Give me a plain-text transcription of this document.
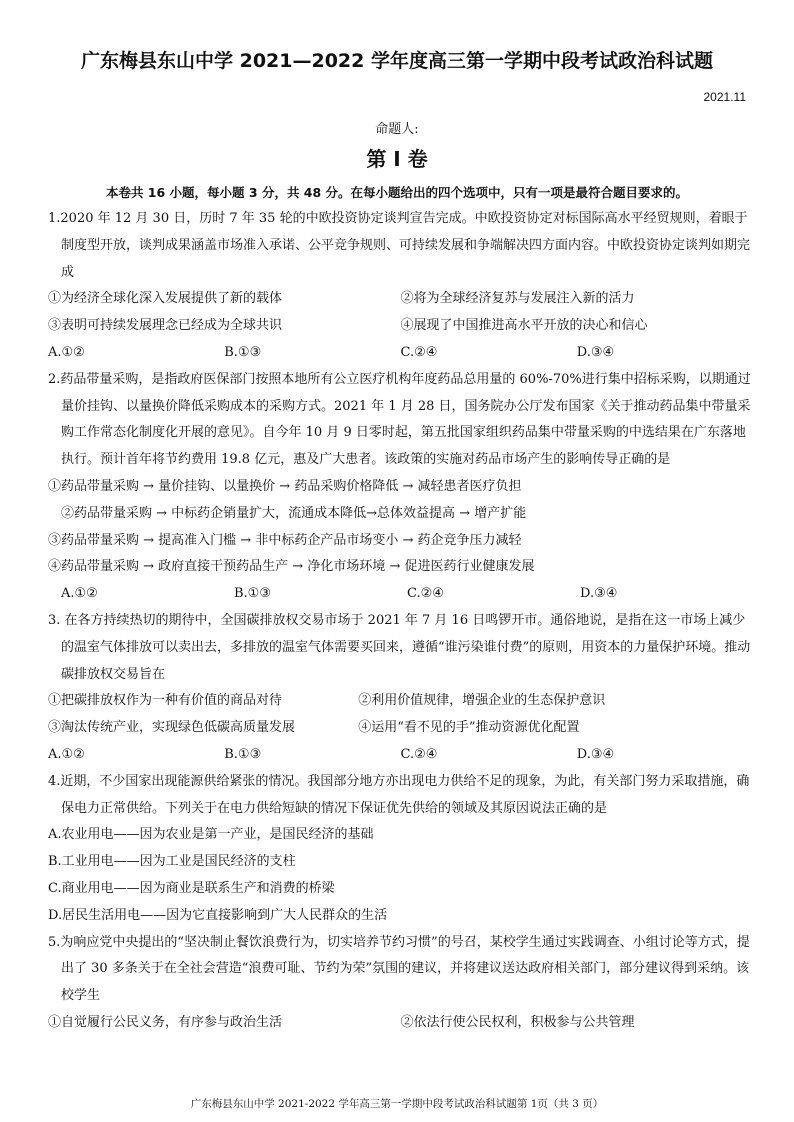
广东梅县东山中学 2021—2022 学年度高三第一学期中段考试政治科试题
2021.11
命题人:
第 I 卷
本卷共 16 小题，每小题 3 分，共 48 分。在每小题给出的四个选项中，只有一项是最符合题目要求的。

1.2020 年 12 月 30 日，历时 7 年 35 轮的中欧投资协定谈判宣告完成。中欧投资协定对标国际高水平经贸规则，着眼于制度型开放，谈判成果涵盖市场准入承诺、公平竞争规则、可持续发展和争端解决四方面内容。中欧投资协定谈判如期完成

①为经济全球化深入发展提供了新的载体	②将为全球经济复苏与发展注入新的活力
③表明可持续发展理念已经成为全球共识	④展现了中国推进高水平开放的决心和信心
A.①②	B.①③	C.②④	D.③④

2.药品带量采购，是指政府医保部门按照本地所有公立医疗机构年度药品总用量的 60%-70%进行集中招标采购，以期通过量价挂钩、以量换价降低采购成本的采购方式。2021 年 1 月 28 日，国务院办公厅发布国家《关于推动药品集中带量采购工作常态化制度化开展的意见》。自今年 10 月 9 日零时起，第五批国家组织药品集中带量采购的中选结果在广东落地执行。预计首年将节约费用 19.8 亿元，惠及广大患者。该政策的实施对药品市场产生的影响传导正确的是

①药品带量采购 → 量价挂钩、以量换价 → 药品采购价格降低 → 减轻患者医疗负担

②药品带量采购 → 中标药企销量扩大，流通成本降低→总体效益提高 → 增产扩能

③药品带量采购 → 提高准入门槛 → 非中标药企产品市场变小 → 药企竞争压力减轻

④药品带量采购 → 政府直接干预药品生产 → 净化市场环境 → 促进医药行业健康发展

A.①②	B.①③	C.②④	D.③④

3. 在各方持续热切的期待中，全国碳排放权交易市场于 2021 年 7 月 16 日鸣锣开市。通俗地说，是指在这一市场上减少的温室气体排放可以卖出去，多排放的温室气体需要买回来，遵循“谁污染谁付费”的原则，用资本的力量保护环境。推动碳排放权交易旨在

①把碳排放权作为一种有价值的商品对待	②利用价值规律，增强企业的生态保护意识
③淘汰传统产业，实现绿色低碳高质量发展	④运用“看不见的手”推动资源优化配置
A.①②	B.①③	C.②④	D.③④

4.近期，不少国家出现能源供给紧张的情况。我国部分地方亦出现电力供给不足的现象，为此，有关部门努力采取措施，确保电力正常供给。下列关于在电力供给短缺的情况下保证优先供给的领域及其原因说法正确的是

A.农业用电——因为农业是第一产业，是国民经济的基础

B.工业用电——因为工业是国民经济的支柱

C.商业用电——因为商业是联系生产和消费的桥梁

D.居民生活用电——因为它直接影响到广大人民群众的生活

5.为响应党中央提出的“坚决制止餐饮浪费行为，切实培养节约习惯”的号召，某校学生通过实践调查、小组讨论等方式，提出了 30 多条关于在全社会营造“浪费可耻、节约为荣”氛围的建议，并将建议送达政府相关部门，部分建议得到采纳。该校学生

①自觉履行公民义务，有序参与政治生活	②依法行使公民权利，积极参与公共管理
广东梅县东山中学 2021-2022 学年高三第一学期中段考试政治科试题第 1页（共 3 页）
